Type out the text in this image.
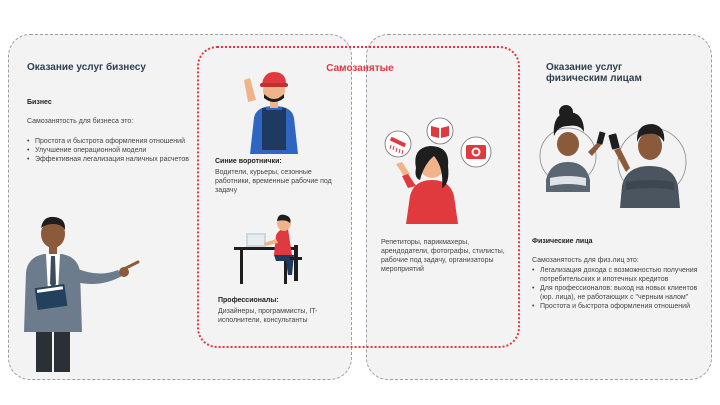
Оказание услуг бизнесу
Бизнес
Самозанятость для бизнеса это:
• Простота и быстрота оформления отношений
• Улучшение операционной модели
• Эффективная легализация наличных расчетов
Самозанятые
Синие воротнички:
Водители, курьеры, сезонные работники, временные рабочие под задачу
Профессионалы:
Дизайнеры, программисты, IT-исполнители, консультанты
Репетиторы, парикмахеры, арендодатели, фотографы, стилисты, рабочие под задачу, организаторы мероприятий
Оказание услуг физическим лицам
Физические лица
Самозанятость для физ.лиц это:
• Легализация дохода с возможностью получения потребительских и ипотечных кредитов
• Для профессионалов: выход на новых клиентов (юр. лица), не работающих с "черным налом"
• Простота и быстрота оформления отношений
